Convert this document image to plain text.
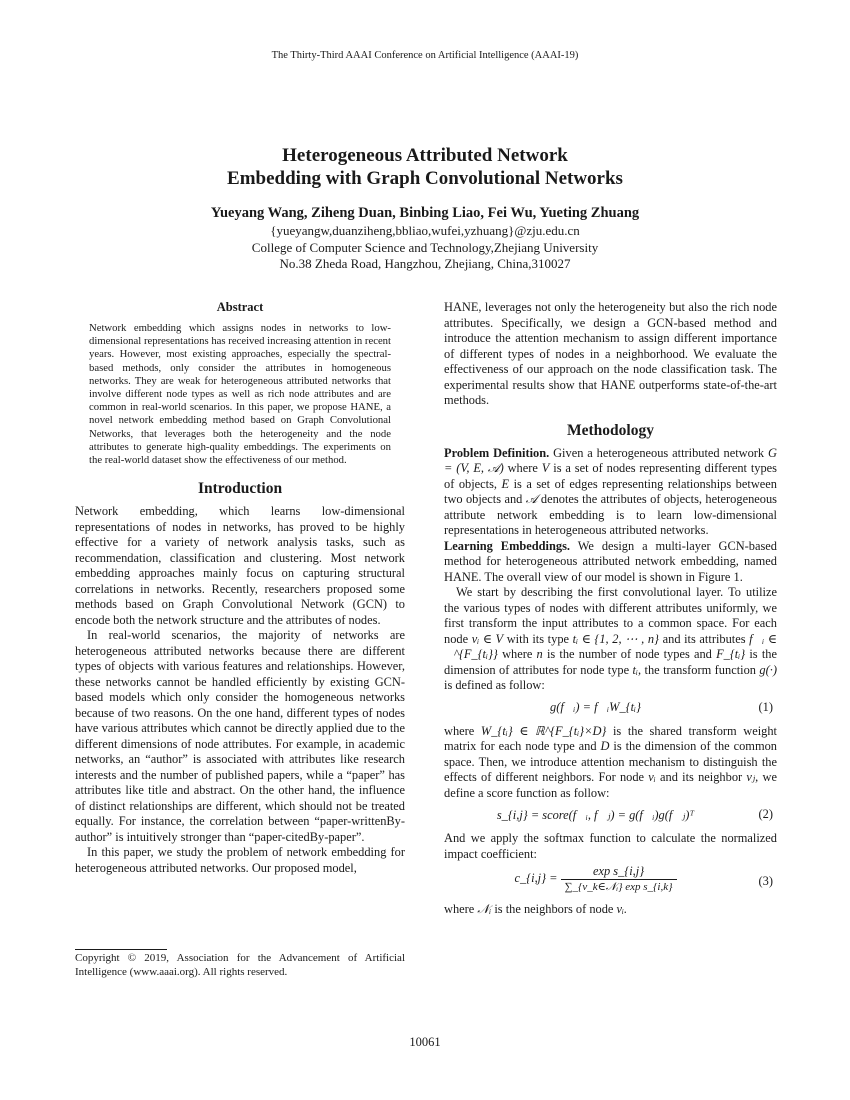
The Thirty-Third AAAI Conference on Artificial Intelligence (AAAI-19)
Heterogeneous Attributed Network
Embedding with Graph Convolutional Networks
Yueyang Wang, Ziheng Duan, Binbing Liao, Fei Wu, Yueting Zhuang
{yueyangw,duanziheng,bbliao,wufei,yzhuang}@zju.edu.cn
College of Computer Science and Technology,Zhejiang University
No.38 Zheda Road, Hangzhou, Zhejiang, China,310027
Abstract
Network embedding which assigns nodes in networks to low-dimensional representations has received increasing attention in recent years. However, most existing approaches, especially the spectral-based methods, only consider the attributes in homogeneous networks. They are weak for heterogeneous attributed networks that involve different node types as well as rich node attributes and are common in real-world scenarios. In this paper, we propose HANE, a novel network embedding method based on Graph Convolutional Networks, that leverages both the heterogeneity and the node attributes to generate high-quality embeddings. The experiments on the real-world dataset show the effectiveness of our method.
Introduction

Network embedding, which learns low-dimensional representations of nodes in networks, has proved to be highly effective for a variety of network analysis tasks, such as recommendation, classification and clustering. Most network embedding approaches mainly focus on capturing structural correlations in networks. Recently, researchers proposed some methods based on Graph Convolutional Network (GCN) to encode both the network structure and the attributes of nodes.

In real-world scenarios, the majority of networks are heterogeneous attributed networks because there are different types of objects with various features and relationships. However, these networks cannot be handled efficiently by existing GCN-based models which only consider the homogeneous networks because of two reasons. On the one hand, different types of nodes have various attributes which cannot be directly applied due to the different dimensions of node attributes. For example, in academic networks, an “author” is associated with attributes like research interests and the number of published papers, while a “paper” has attributes like title and abstract. On the other hand, the influence of distinct relationships are different, which should not be treated equally. For instance, the correlation between “paper-writtenBy-author” is intuitively stronger than “paper-citedBy-paper”.

In this paper, we study the problem of network embedding for heterogeneous attributed networks. Our proposed model,

HANE, leverages not only the heterogeneity but also the rich node attributes. Specifically, we design a GCN-based method and introduce the attention mechanism to assign different importance of different types of nodes in a neighborhood. We evaluate the effectiveness of our approach on the node classification task. The experimental results show that HANE outperforms state-of-the-art methods.

Methodology

Problem Definition. Given a heterogeneous attributed network G = (V, E, 𝒜) where V is a set of nodes representing different types of objects, E is a set of edges representing relationships between two objects and 𝒜 denotes the attributes of objects, heterogeneous attribute network embedding is to learn low-dimensional representations in heterogeneous attributed networks.

Learning Embeddings. We design a multi-layer GCN-based method for heterogeneous attributed network embedding, named HANE. The overall view of our model is shown in Figure 1.

We start by describing the first convolutional layer. To utilize the various types of nodes with different attributes uniformly, we first transform the input attributes to a common space. For each node vᵢ ∈ V with its type tᵢ ∈ {1, 2, ⋯ , n} and its attributes f⃗ᵢ ∈ ℝ^{F_{tᵢ}} where n is the number of node types and F_{tᵢ} is the dimension of attributes for node type tᵢ, the transform function g(·) is defined as follow:

g(f⃗ᵢ) = f⃗ᵢW_{tᵢ}	(1)

where W_{tᵢ} ∈ ℝ^{F_{tᵢ}×D} is the shared transform weight matrix for each node type and D is the dimension of the common space. Then, we introduce attention mechanism to distinguish the effects of different neighbors. For node vᵢ and its neighbor vⱼ, we define a score function as follow:

s_{i,j} = score(f⃗ᵢ, f⃗ⱼ) = g(f⃗ᵢ)g(f⃗ⱼ)ᵀ	(2)

And we apply the softmax function to calculate the normalized impact coefficient:

c_{i,j} = $\frac{\text{exp s\_\{i,j\}}}{\text{∑\_\{v\_k∈𝒩ᵢ\} exp s\_\{i,k\}}}$	(3)

where 𝒩ᵢ is the neighbors of node vᵢ.

Copyright © 2019, Association for the Advancement of Artificial Intelligence (www.aaai.org). All rights reserved.

10061
